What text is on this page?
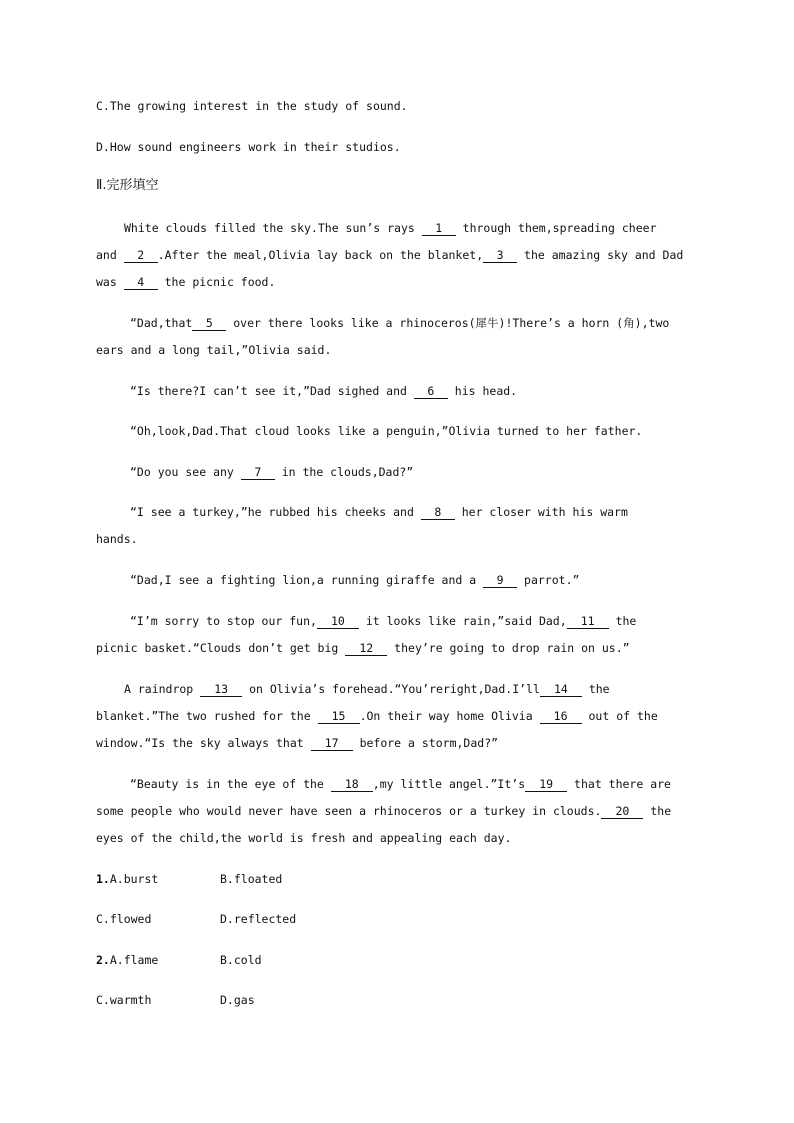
C.The growing interest in the study of sound.
D.How sound engineers work in their studios.
Ⅱ.完形填空
White clouds filled the sky.The sun’s rays 1 through them,spreading cheer
and 2 .After the meal,Olivia lay back on the blanket, 3 the amazing sky and Dad
was 4 the picnic food.
“Dad,that 5 over there looks like a rhinoceros(犀牛)!There’s a horn (角),two
ears and a long tail,”Olivia said.
“Is there?I can’t see it,”Dad sighed and 6 his head.
“Oh,look,Dad.That cloud looks like a penguin,”Olivia turned to her father.
“Do you see any 7 in the clouds,Dad?”
“I see a turkey,”he rubbed his cheeks and 8 her closer with his warm
hands.
“Dad,I see a fighting lion,a running giraffe and a 9 parrot.”
“I’m sorry to stop our fun, 10 it looks like rain,”said Dad, 11 the
picnic basket.“Clouds don’t get big 12 they’re going to drop rain on us.”
A raindrop 13 on Olivia’s forehead.“You’reright,Dad.I’ll 14 the
blanket.”The two rushed for the 15 .On their way home Olivia 16 out of the
window.“Is the sky always that 17 before a storm,Dad?”
“Beauty is in the eye of the 18 ,my little angel.”It’s 19 that there are
some people who would never have seen a rhinoceros or a turkey in clouds. 20 the
eyes of the child,the world is fresh and appealing each day.
1.A.burst	B.floated
C.flowed	D.reflected
2.A.flame	B.cold
C.warmth	D.gas
